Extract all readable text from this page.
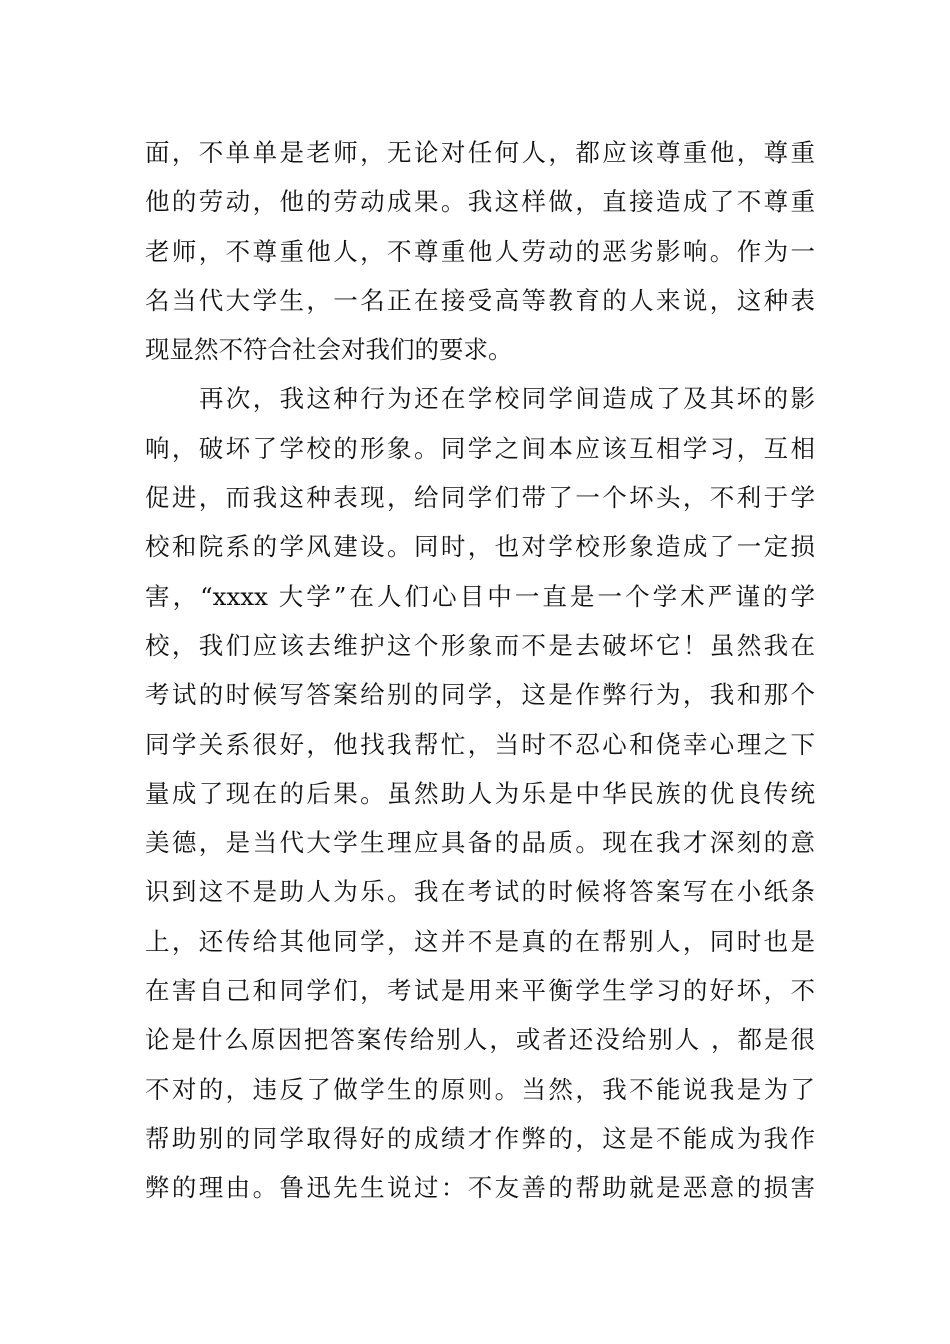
面，不单单是老师，无论对任何人，都应该尊重他，尊重
他的劳动，他的劳动成果。我这样做，直接造成了不尊重
老师，不尊重他人，不尊重他人劳动的恶劣影响。作为一
名当代大学生，一名正在接受高等教育的人来说，这种表
现显然不符合社会对我们的要求。
再次，我这种行为还在学校同学间造成了及其坏的影
响，破坏了学校的形象。同学之间本应该互相学习，互相
促进，而我这种表现，给同学们带了一个坏头，不利于学
校和院系的学风建设。同时，也对学校形象造成了一定损
害，“xxxx 大学”在人们心目中一直是一个学术严谨的学
校，我们应该去维护这个形象而不是去破坏它！虽然我在
考试的时候写答案给别的同学，这是作弊行为，我和那个
同学关系很好，他找我帮忙，当时不忍心和侥幸心理之下
量成了现在的后果。虽然助人为乐是中华民族的优良传统
美德，是当代大学生理应具备的品质。现在我才深刻的意
识到这不是助人为乐。我在考试的时候将答案写在小纸条
上，还传给其他同学，这并不是真的在帮别人，同时也是
在害自己和同学们，考试是用来平衡学生学习的好坏，不
论是什么原因把答案传给别人，或者还没给别人 ，都是很
不对的，违反了做学生的原则。当然，我不能说我是为了
帮助别的同学取得好的成绩才作弊的，这是不能成为我作
弊的理由。鲁迅先生说过：不友善的帮助就是恶意的损害
